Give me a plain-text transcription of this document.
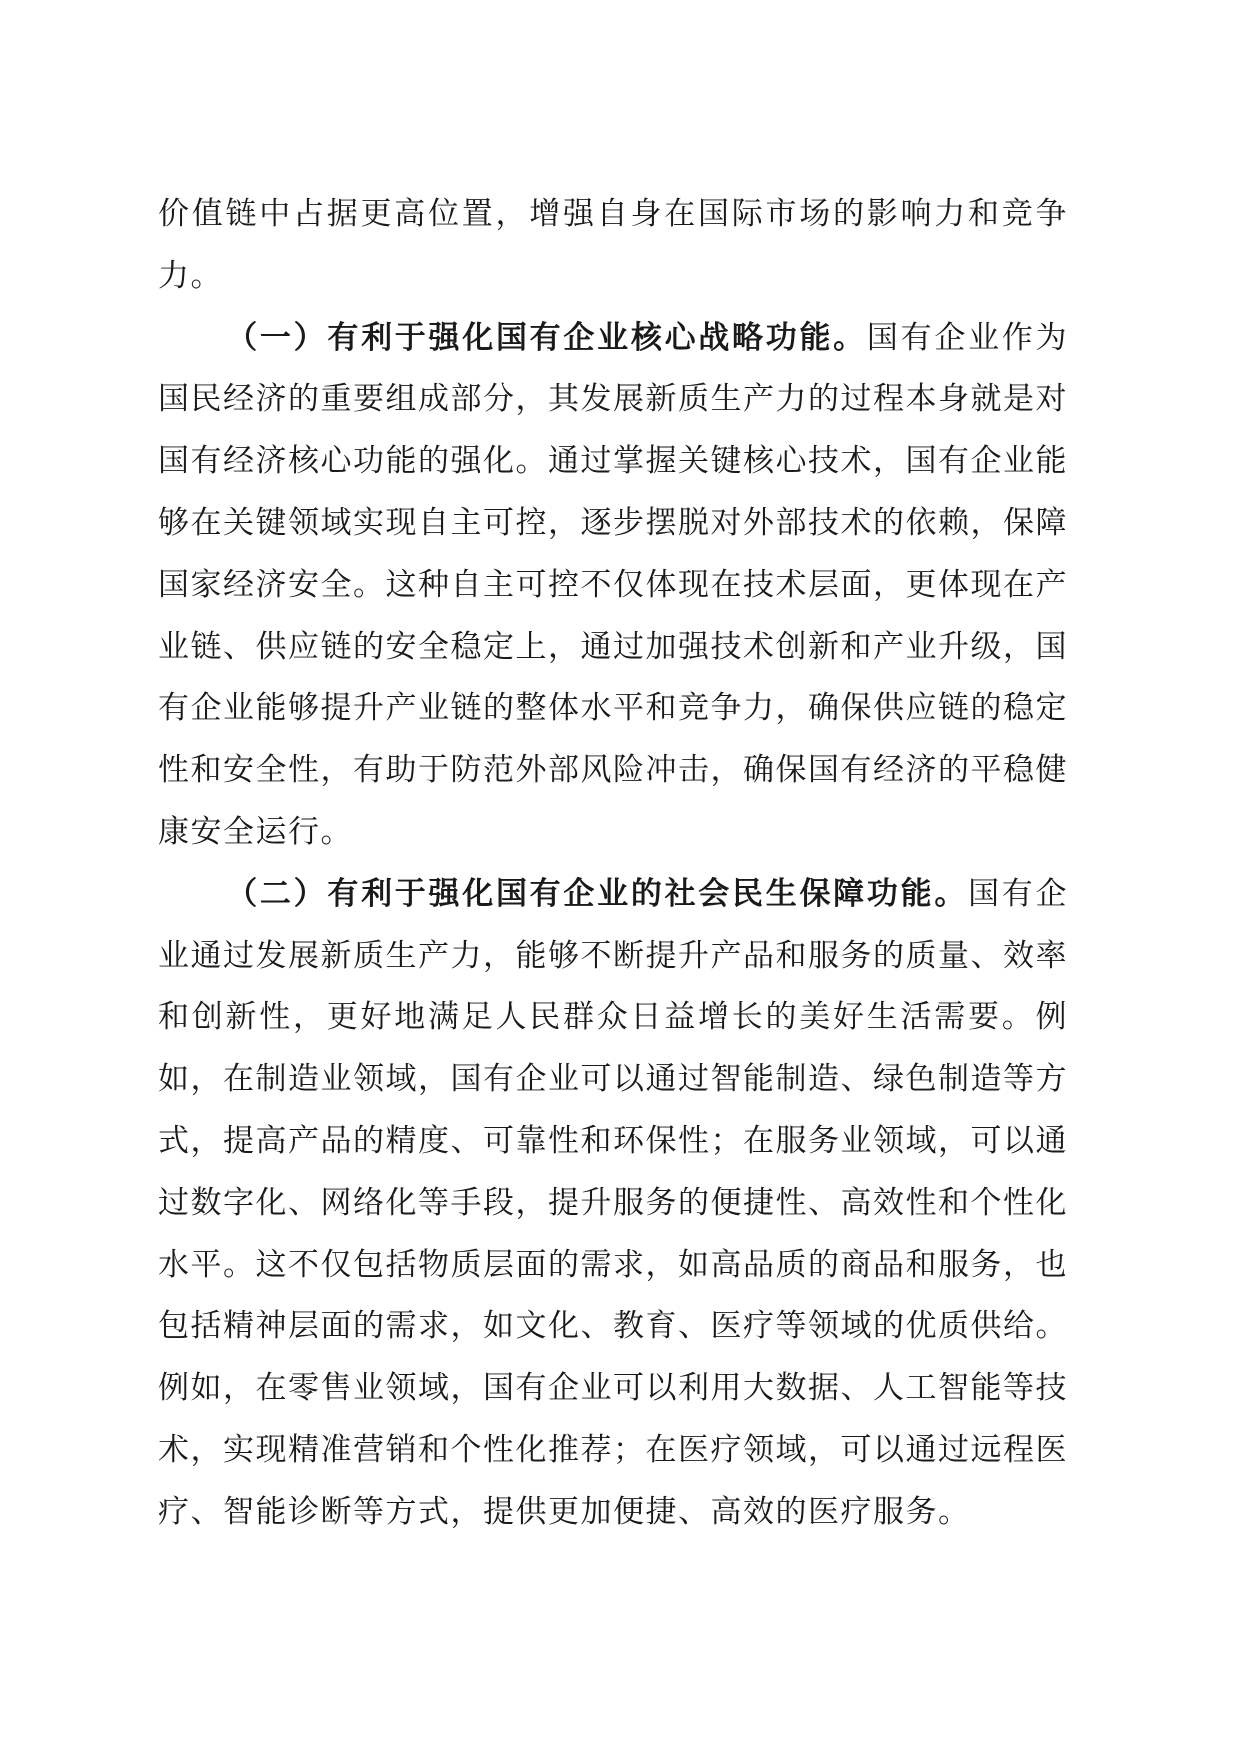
价值链中占据更高位置，增强自身在国际市场的影响力和竞争力。

（一）有利于强化国有企业核心战略功能。国有企业作为国民经济的重要组成部分，其发展新质生产力的过程本身就是对国有经济核心功能的强化。通过掌握关键核心技术，国有企业能够在关键领域实现自主可控，逐步摆脱对外部技术的依赖，保障国家经济安全。这种自主可控不仅体现在技术层面，更体现在产业链、供应链的安全稳定上，通过加强技术创新和产业升级，国有企业能够提升产业链的整体水平和竞争力，确保供应链的稳定性和安全性，有助于防范外部风险冲击，确保国有经济的平稳健康安全运行。

（二）有利于强化国有企业的社会民生保障功能。国有企业通过发展新质生产力，能够不断提升产品和服务的质量、效率和创新性，更好地满足人民群众日益增长的美好生活需要。例如，在制造业领域，国有企业可以通过智能制造、绿色制造等方式，提高产品的精度、可靠性和环保性；在服务业领域，可以通过数字化、网络化等手段，提升服务的便捷性、高效性和个性化水平。这不仅包括物质层面的需求，如高品质的商品和服务，也包括精神层面的需求，如文化、教育、医疗等领域的优质供给。例如，在零售业领域，国有企业可以利用大数据、人工智能等技术，实现精准营销和个性化推荐；在医疗领域，可以通过远程医疗、智能诊断等方式，提供更加便捷、高效的医疗服务。
